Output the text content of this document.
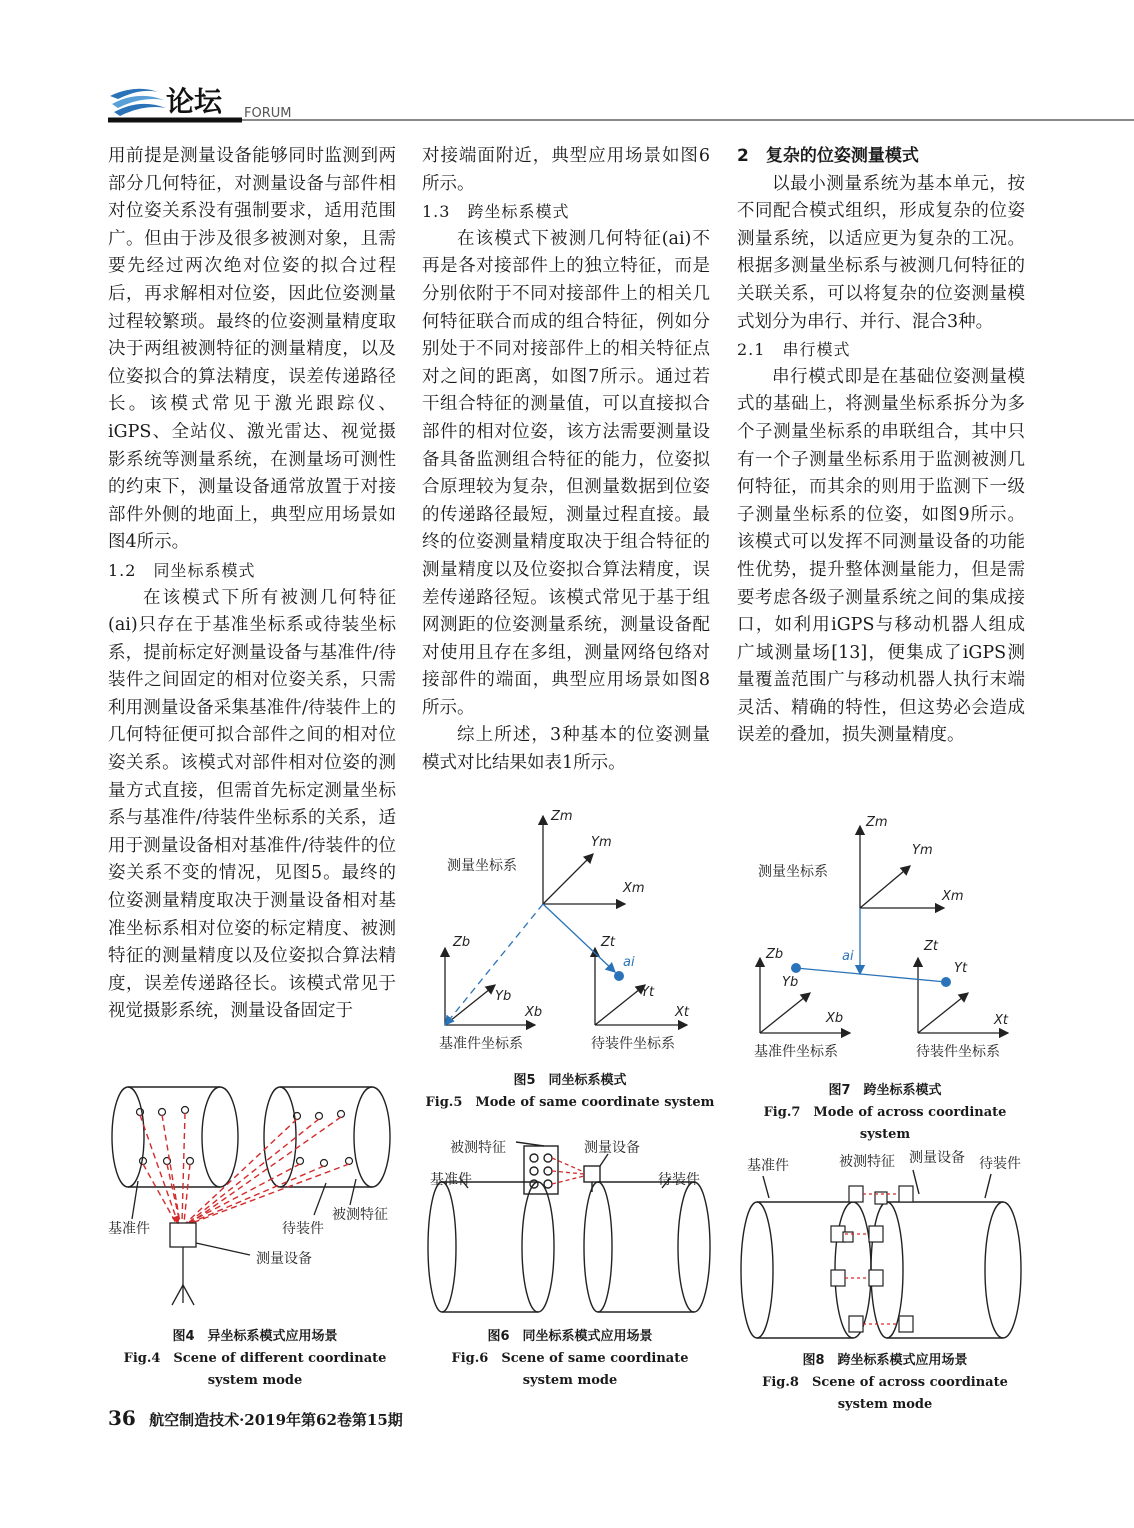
论坛 FORUM

用前提是测量设备能够同时监测到两部分几何特征，对测量设备与部件相对位姿关系没有强制要求，适用范围广。但由于涉及很多被测对象，且需要先经过两次绝对位姿的拟合过程后，再求解相对位姿，因此位姿测量过程较繁琐。最终的位姿测量精度取决于两组被测特征的测量精度，以及位姿拟合的算法精度，误差传递路径长。该模式常见于激光跟踪仪、iGPS、全站仪、激光雷达、视觉摄影系统等测量系统，在测量场可测性的约束下，测量设备通常放置于对接部件外侧的地面上，典型应用场景如图4所示。

1.2　同坐标系模式

在该模式下所有被测几何特征(ai)只存在于基准坐标系或待装坐标系，提前标定好测量设备与基准件/待装件之间固定的相对位姿关系，只需利用测量设备采集基准件/待装件上的几何特征便可拟合部件之间的相对位姿关系。该模式对部件相对位姿的测量方式直接，但需首先标定测量坐标系与基准件/待装件坐标系的关系，适用于测量设备相对基准件/待装件的位姿关系不变的情况，见图5。最终的位姿测量精度取决于测量设备相对基准坐标系相对位姿的标定精度、被测特征的测量精度以及位姿拟合算法精度，误差传递路径长。该模式常见于视觉摄影系统，测量设备固定于

对接端面附近，典型应用场景如图6所示。

1.3　跨坐标系模式

在该模式下被测几何特征(ai)不再是各对接部件上的独立特征，而是分别依附于不同对接部件上的相关几何特征联合而成的组合特征，例如分别处于不同对接部件上的相关特征点对之间的距离，如图7所示。通过若干组合特征的测量值，可以直接拟合部件的相对位姿，该方法需要测量设备具备监测组合特征的能力，位姿拟合原理较为复杂，但测量数据到位姿的传递路径最短，测量过程直接。最终的位姿测量精度取决于组合特征的测量精度以及位姿拟合算法精度，误差传递路径短。该模式常见于基于组网测距的位姿测量系统，测量设备配对使用且存在多组，测量网络包络对接部件的端面，典型应用场景如图8所示。

综上所述，3种基本的位姿测量模式对比结果如表1所示。

2　复杂的位姿测量模式

以最小测量系统为基本单元，按不同配合模式组织，形成复杂的位姿测量系统，以适应更为复杂的工况。根据多测量坐标系与被测几何特征的关联关系，可以将复杂的位姿测量模式划分为串行、并行、混合3种。

2.1　串行模式

串行模式即是在基础位姿测量模式的基础上，将测量坐标系拆分为多个子测量坐标系的串联组合，其中只有一个子测量坐标系用于监测被测几何特征，而其余的则用于监测下一级子测量坐标系的位姿，如图9所示。该模式可以发挥不同测量设备的功能性优势，提升整体测量能力，但是需要考虑各级子测量系统之间的集成接口，如利用iGPS与移动机器人组成广域测量场[13]，便集成了iGPS测量覆盖范围广与移动机器人执行末端灵活、精确的特性，但这势必会造成误差的叠加，损失测量精度。

基准件	待装件
被测特征
测量设备
图4　异坐标系模式应用场景
Fig.4　Scene of different coordinate system mode
测量坐标系
基准件坐标系	待装件坐标系
Zm
Ym
Xm
Zb
Yb
Xb
Zt
Yt
Xt
ai
图5　同坐标系模式
Fig.5　Mode of same coordinate system
被测特征	测量设备
基准件	待装件
图6　同坐标系模式应用场景
Fig.6　Scene of same coordinate system mode
测量坐标系
基准件坐标系	待装件坐标系
Zm
Ym
Xm
Zb
Yb
Xb
Zt
Yt
Xt
ai
图7　跨坐标系模式
Fig.7　Mode of across coordinate system
基准件	被测特征 测量设备 待装件
图8　跨坐标系模式应用场景
Fig.8　Scene of across coordinate system mode
36 航空制造技术·2019年第62卷第15期
